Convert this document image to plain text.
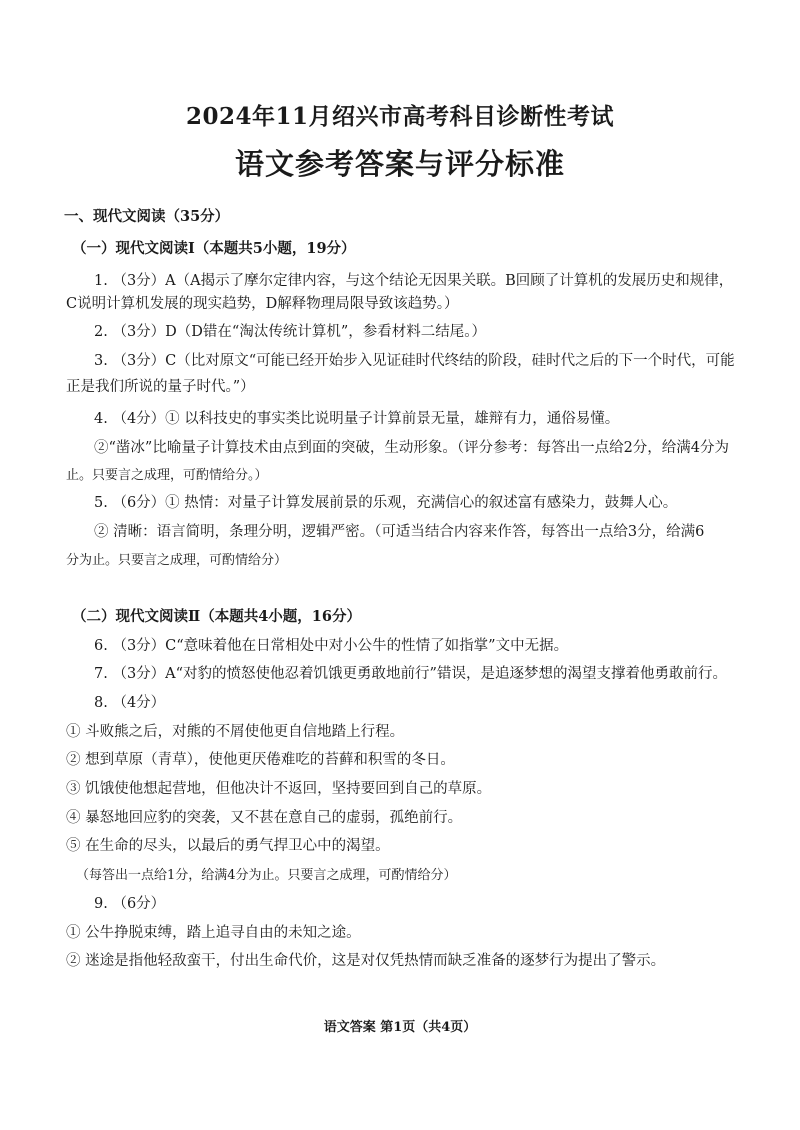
2024年11月绍兴市高考科目诊断性考试
语文参考答案与评分标准
一、现代文阅读（35分）
（一）现代文阅读Ⅰ（本题共5小题，19分）
1. （3分）A（A揭示了摩尔定律内容，与这个结论无因果关联。B回顾了计算机的发展历史和规律，
C说明计算机发展的现实趋势，D解释物理局限导致该趋势。）
2. （3分）D（D错在“淘汰传统计算机”，参看材料二结尾。）
3. （3分）C（比对原文“可能已经开始步入见证硅时代终结的阶段，硅时代之后的下一个时代，可能
正是我们所说的量子时代。”）
4. （4分）① 以科技史的事实类比说明量子计算前景无量，雄辩有力，通俗易懂。
②“凿冰”比喻量子计算技术由点到面的突破，生动形象。（评分参考：每答出一点给2分，给满4分为
止。只要言之成理，可酌情给分。）
5. （6分）① 热情：对量子计算发展前景的乐观，充满信心的叙述富有感染力，鼓舞人心。
② 清晰：语言简明，条理分明，逻辑严密。（可适当结合内容来作答，每答出一点给3分，给满6
分为止。只要言之成理，可酌情给分）
（二）现代文阅读Ⅱ（本题共4小题，16分）
6. （3分）C“意味着他在日常相处中对小公牛的性情了如指掌”文中无据。
7. （3分）A“对豹的愤怒使他忍着饥饿更勇敢地前行”错误，是追逐梦想的渴望支撑着他勇敢前行。
8. （4分）
① 斗败熊之后，对熊的不屑使他更自信地踏上行程。
② 想到草原（青草），使他更厌倦难吃的苔藓和积雪的冬日。
③ 饥饿使他想起营地，但他决计不返回，坚持要回到自己的草原。
④ 暴怒地回应豹的突袭，又不甚在意自己的虚弱，孤绝前行。
⑤ 在生命的尽头，以最后的勇气捍卫心中的渴望。
（每答出一点给1分，给满4分为止。只要言之成理，可酌情给分）
9. （6分）
① 公牛挣脱束缚，踏上追寻自由的未知之途。
② 迷途是指他轻敌蛮干，付出生命代价，这是对仅凭热情而缺乏准备的逐梦行为提出了警示。
语文答案 第1页（共4页）
